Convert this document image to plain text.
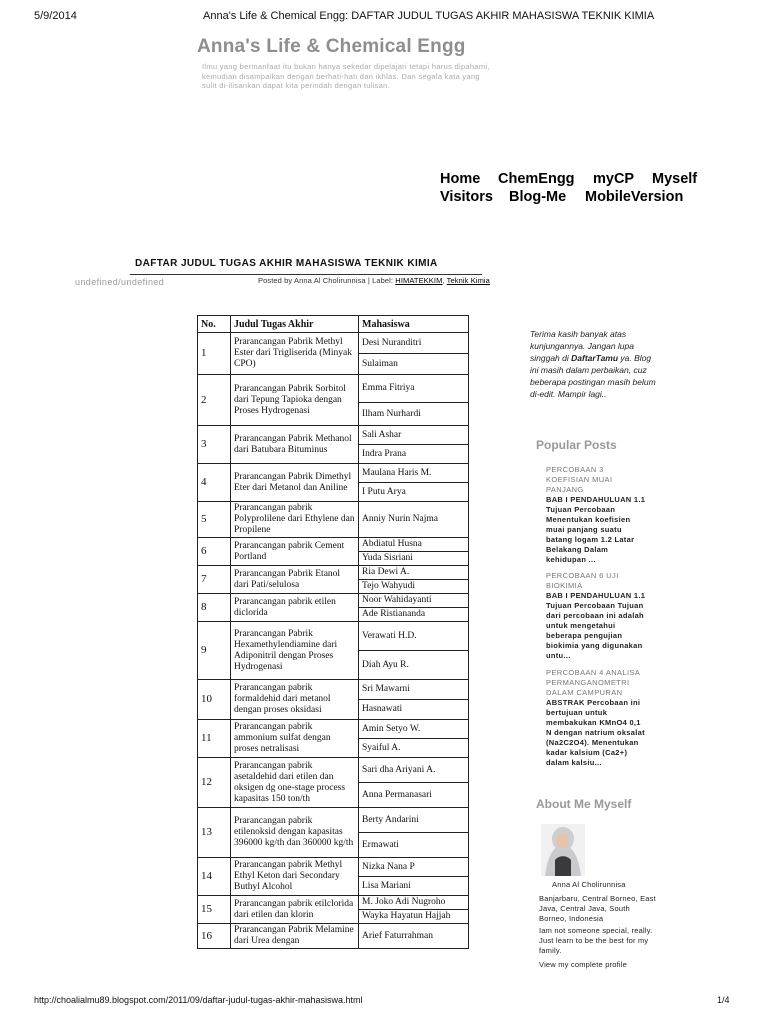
5/9/2014	Anna's Life & Chemical Engg: DAFTAR JUDUL TUGAS AKHIR MAHASISWA TEKNIK KIMIA
Anna's Life & Chemical Engg
Ilmu yang bermanfaat itu bukan hanya sekedar dipelajari tetapi harus dipahami, kemudian disampaikan dengan berhati-hati dan ikhlas. Dan segala kata yang sulit di-ilisankan dapat kita perindah dengan tulisan.
Home ChemEngg myCP Myself
Visitors Blog-Me MobileVersion
DAFTAR JUDUL TUGAS AKHIR MAHASISWA TEKNIK KIMIA
undefined/undefined	Posted by Anna Al Cholirunnisa | Label: HIMATEKKIM, Teknik Kimia
No.	Judul Tugas Akhir	Mahasiswa
1	Prarancangan Pabrik Methyl Ester dari Trigliserida (Minyak CPO)	Desi Nuranditri
		Sulaiman
2	Prarancangan Pabrik Sorbitol dari Tepung Tapioka dengan Proses Hydrogenasi	Emma Fitriya
		Ilham Nurhardi
3	Prarancangan Pabrik Methanol dari Batubara Bituminus	Sali Ashar
		Indra Prana
4	Prarancangan Pabrik Dimethyl Eter dari Metanol dan Aniline	Maulana Haris M.
		I Putu Arya
5	Prarancangan pabrik Polyprolilene dari Ethylene dan Propilene	Anniy Nurin Najma
6	Prarancangan pabrik Cement Portland	Abdiatul Husna
		Yuda Sisriani
7	Prarancangan Pabrik Etanol dari Pati/selulosa	Ria Dewi A.
		Tejo Wahyudi
8	Prarancangan pabrik etilen diclorida	Noor Wahidayanti
		Ade Ristiananda
9	Prarancangan Pabrik Hexamethylendiamine dari Adiponitril dengan Proses Hydrogenasi	Verawati H.D.
		Diah Ayu R.
10	Prarancangan pabrik formaldehid dari metanol dengan proses oksidasi	Sri Mawarni
		Hasnawati
11	Prarancangan pabrik ammonium sulfat dengan proses netralisasi	Amin Setyo W.
		Syaiful A.
12	Prarancangan pabrik asetaldehid dari etilen dan oksigen dg one-stage process kapasitas 150 ton/th	Sari dha Ariyani A.
		Anna Permanasari
13	Prarancangan pabrik etilenoksid dengan kapasitas 396000 kg/th dan 360000 kg/th	Berty Andarini
		Ermawati
14	Prarancangan pabrik Methyl Ethyl Keton dari Secondary Buthyl Alcohol	Nizka Nana P
		Lisa Mariani
15	Prarancangan pabrik etilclorida dari etilen dan klorin	M. Joko Adi Nugroho
		Wayka Hayatun Hajjah
16	Prarancangan Pabrik Melamine dari Urea dengan	Arief Faturrahman
Terima kasih banyak atas kunjungannya. Jangan lupa singgah di DaftarTamu ya. Blog ini masih dalam perbaikan, cuz beberapa postingan masih belum di-edit. Mampir lagi..
Popular Posts
PERCOBAAN 3 KOEFISIAN MUAI PANJANG
BAB I PENDAHULUAN 1.1 Tujuan Percobaan Menentukan koefisien muai panjang suatu batang logam 1.2 Latar Belakang Dalam kehidupan ...
PERCOBAAN 6 UJI BIOKIMIA
BAB I PENDAHULUAN 1.1 Tujuan Percobaan Tujuan dari percobaan ini adalah untuk mengetahui beberapa pengujian biokimia yang digunakan untu...
PERCOBAAN 4 ANALISA PERMANGANOMETRI DALAM CAMPURAN
ABSTRAK Percobaan ini bertujuan untuk membakukan KMnO4 0,1 N dengan natrium oksalat (Na2C2O4). Menentukan kadar kalsium (Ca2+) dalam kalsiu...
About Me Myself
Anna Al Cholirunnisa
Banjarbaru, Central Borneo, East Java, Central Java, South Borneo, Indonesia
Iam not someone special, really. Just learn to be the best for my family.
View my complete profile
http://choalialmu89.blogspot.com/2011/09/daftar-judul-tugas-akhir-mahasiswa.html	1/4
